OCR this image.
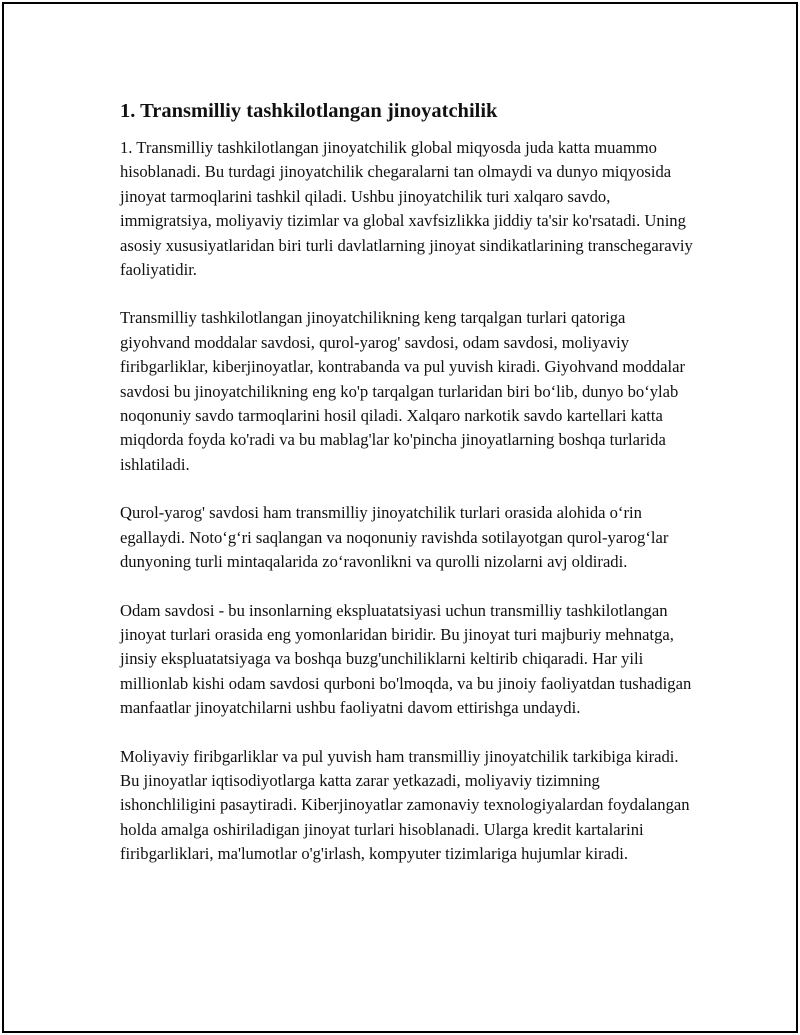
1. Transmilliy tashkilotlangan jinoyatchilik

1. Transmilliy tashkilotlangan jinoyatchilik global miqyosda juda katta muammo hisoblanadi. Bu turdagi jinoyatchilik chegaralarni tan olmaydi va dunyo miqyosida jinoyat tarmoqlarini tashkil qiladi. Ushbu jinoyatchilik turi xalqaro savdo, immigratsiya, moliyaviy tizimlar va global xavfsizlikka jiddiy ta'sir ko'rsatadi. Uning asosiy xususiyatlaridan biri turli davlatlarning jinoyat sindikatlarining transchegaraviy faoliyatidir.

Transmilliy tashkilotlangan jinoyatchilikning keng tarqalgan turlari qatoriga giyohvand moddalar savdosi, qurol-yarog' savdosi, odam savdosi, moliyaviy firibgarliklar, kiberjinoyatlar, kontrabanda va pul yuvish kiradi. Giyohvand moddalar savdosi bu jinoyatchilikning eng ko'p tarqalgan turlaridan biri bo‘lib, dunyo bo‘ylab noqonuniy savdo tarmoqlarini hosil qiladi. Xalqaro narkotik savdo kartellari katta miqdorda foyda ko'radi va bu mablag'lar ko'pincha jinoyatlarning boshqa turlarida ishlatiladi.

Qurol-yarog' savdosi ham transmilliy jinoyatchilik turlari orasida alohida o‘rin egallaydi. Noto‘g‘ri saqlangan va noqonuniy ravishda sotilayotgan qurol-yarog‘lar dunyoning turli mintaqalarida zo‘ravonlikni va qurolli nizolarni avj oldiradi.

Odam savdosi - bu insonlarning ekspluatatsiyasi uchun transmilliy tashkilotlangan jinoyat turlari orasida eng yomonlaridan biridir. Bu jinoyat turi majburiy mehnatga, jinsiy ekspluatatsiyaga va boshqa buzg'unchiliklarni keltirib chiqaradi. Har yili millionlab kishi odam savdosi qurboni bo'lmoqda, va bu jinoiy faoliyatdan tushadigan manfaatlar jinoyatchilarni ushbu faoliyatni davom ettirishga undaydi.

Moliyaviy firibgarliklar va pul yuvish ham transmilliy jinoyatchilik tarkibiga kiradi. Bu jinoyatlar iqtisodiyotlarga katta zarar yetkazadi, moliyaviy tizimning ishonchliligini pasaytiradi. Kiberjinoyatlar zamonaviy texnologiyalardan foydalangan holda amalga oshiriladigan jinoyat turlari hisoblanadi. Ularga kredit kartalarini firibgarliklari, ma'lumotlar o'g'irlash, kompyuter tizimlariga hujumlar kiradi.
